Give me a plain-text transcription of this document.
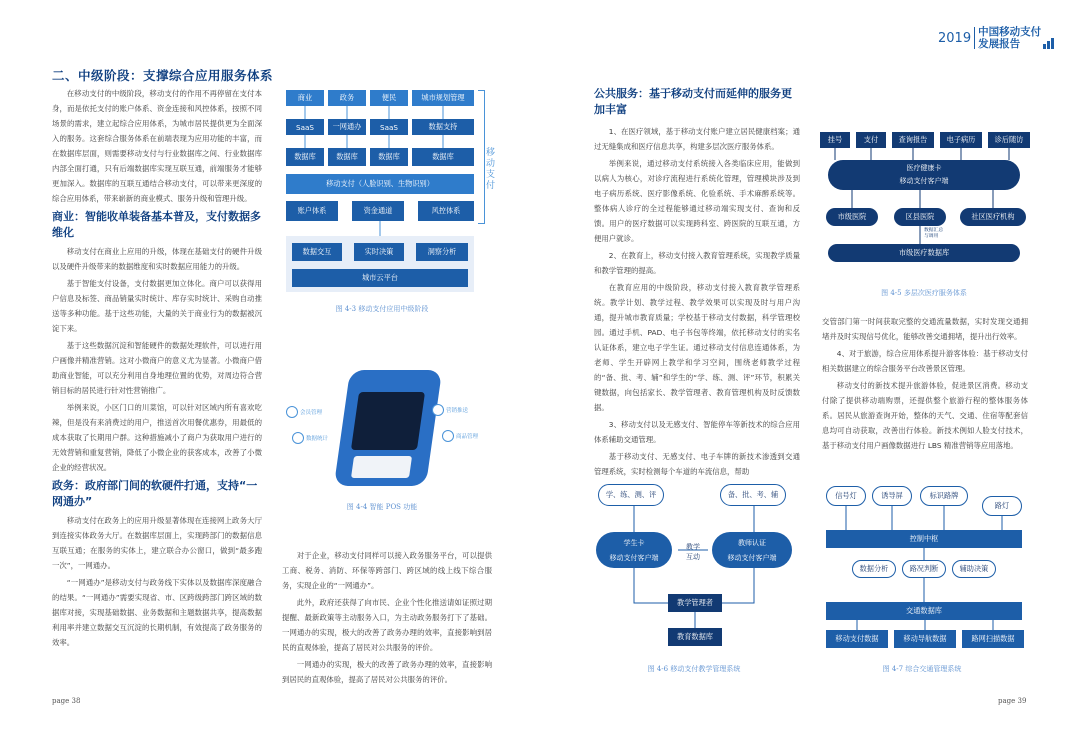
2019 中国移动支付
发展报告
二、中级阶段：支撑综合应用服务体系

在移动支付的中级阶段，移动支付的作用不再停留在支付本身，而是依托支付的账户体系、资金连接和风控体系，按照不同场景的需求，建立起综合应用体系，为城市居民提供更为全面深入的服务。这套综合服务体系在前端表现为应用功能的丰富，而在数据库层面，则需要移动支付与行业数据库之间、行业数据库内部全面打通，只有后端数据库实现互联互通，前端服务才能够更加深入。数据库的互联互通结合移动支付，可以带来更深度的综合应用体系，带来崭新的商业模式、服务升级和管理升级。

商业：智能收单装备基本普及，支付数据多维化

移动支付在商业上应用的升级，体现在基础支付的硬件升级以及硬件升级带来的数据维度和实时数据应用能力的升级。

基于智能支付设备，支付数据更加立体化。商户可以获得用户信息及标签、商品销量实时统计、库存实时统计、采购自动推送等多种功能。基于这些功能，大量的关于商业行为的数据被沉淀下来。

基于这些数据沉淀和智能硬件的数据处理软件，可以进行用户画像并精准营销。这对小微商户的意义尤为显著。小微商户借助商业智能，可以充分利用自身地理位置的优势，对周边符合营销目标的居民进行针对性营销推广。

举例来说，小区门口的川菜馆，可以针对区域内所有喜欢吃辣，但是没有来消费过的用户，推送首次用餐优惠券，用最低的成本获取了长期用户群。这种措施减小了商户为获取用户进行的无效营销和重复营销，降低了小微企业的获客成本，改善了小微企业的经营状况。

政务：政府部门间的软硬件打通，支持“一网通办”

移动支付在政务上的应用升级显著体现在连接网上政务大厅到连接实体政务大厅。在数据库层面上，实现跨部门的数据信息互联互通；在服务的实体上，建立联合办公窗口，做到“最多跑一次”，一网通办。

“一网通办”是移动支付与政务线下实体以及数据库深度融合的结果。“一网通办”需要实现省、市、区跨级跨部门跨区域的数据库对接，实现基础数据、业务数据和主题数据共享，提高数据利用率并建立数据交互沉淀的长期机制，有效提高了政务服务的效率。

商业	政务	便民	城市规划管理
SaaS	一网通办	SaaS	数据支持
数据库	数据库	数据库	数据库
移动支付（人脸识别、生物识别）
账户体系	资金通道	风控体系
数据交互	实时决策	洞察分析
城市云平台
移动支付
图 4-3 移动支付应用中级阶段
会员管理	营销推送
数据统计	商品管理
图 4-4 智能 POS 功能

对于企业，移动支付同样可以接入政务服务平台，可以提供工商、税务、消防、环保等跨部门、跨区域的线上线下综合服务，实现企业的“一网通办”。

此外，政府还获得了向市民、企业个性化推送请如证照过期提醒、最新政策等主动服务入口，为主动政务服务打下了基础。一网通办的实现，极大的改善了政务办理的效率，直接影响到居民的直观体验，提高了居民对公共服务的评价。

一网通办的实现，极大的改善了政务办理的效率，直接影响到居民的直观体验，提高了居民对公共服务的评价。

page 38
公共服务：基于移动支付而延伸的服务更加丰富

1、在医疗领域，基于移动支付账户建立居民健康档案；通过无缝集成和医疗信息共享，构建多层次医疗服务体系。

举例来说，通过移动支付系统接入各类临床应用，能做到以病人为核心，对诊疗流程进行系统化管理，管理模块涉及到电子病历系统、医疗影像系统、化验系统、手术麻醉系统等。整体病人诊疗的全过程能够通过移动端实现支付、查询和反馈。用户的医疗数据可以实现跨科室、跨医院的互联互通，方便用户就诊。

2、在教育上，移动支付接入教育管理系统，实现教学质量和教学管理的提高。

在教育应用的中级阶段，移动支付接入教育教学管理系统。教学计划、教学过程、教学效果可以实现及时与用户沟通，提升城市教育质量；学校基于移动支付数据，科学管理校园。通过手机、PAD、电子书包等终端，依托移动支付的实名认证体系，建立电子学生证。通过移动支付信息连通体系，为老师、学生开辟网上教学和学习空间，围绕老师教学过程的“备、批、考、辅”和学生的“学、练、测、评”环节，积累关键数据，向包括家长、教学管理者、教育管理机构及时反馈数据。

3、移动支付以及无感支付、智能停车等新技术的综合应用体系辅助交通管理。

基于移动支付、无感支付、电子车牌的新技术渗透到交通管理系统，实时检测每个车道的车流信息，帮助

挂号	支付	查询报告	电子病历	诊后随访
医疗健康卡
移动支付客户端
市级医院	区县医院	社区医疗机构
数据汇总
与调用
市级医疗数据库
图 4-5 多层次医疗服务体系

交管部门第一时间获取完整的交通流量数据，实时发现交通拥堵并及时实现信号优化，能够改善交通拥堵，提升出行效率。

4、对于旅游，综合应用体系提升游客体验：基于移动支付相关数据建立的综合服务平台改善景区管理。

移动支付的新技术提升旅游体验，促进景区消费。移动支付除了提供移动端购票，还提供整个旅游行程的整体服务体系。居民从旅游查询开始，整体的天气、交通、住宿等配套信息均可自动获取，改善出行体验。新技术例如人脸支付技术，基于移动支付用户画像数据进行 LBS 精准营销等应用落地。

学、练、测、评	备、批、考、辅
学生卡
移动支付客户端
教师认证
移动支付客户端
教学
互动
教学管理者
教育数据库
图 4-6 移动支付教学管理系统
信号灯	诱导屏	标识路牌
路灯
控制中枢
数据分析	路况判断	辅助决策
交通数据库
移动支付数据	移动导航数据	路网扫描数据
图 4-7 综合交通管理系统
page 39
